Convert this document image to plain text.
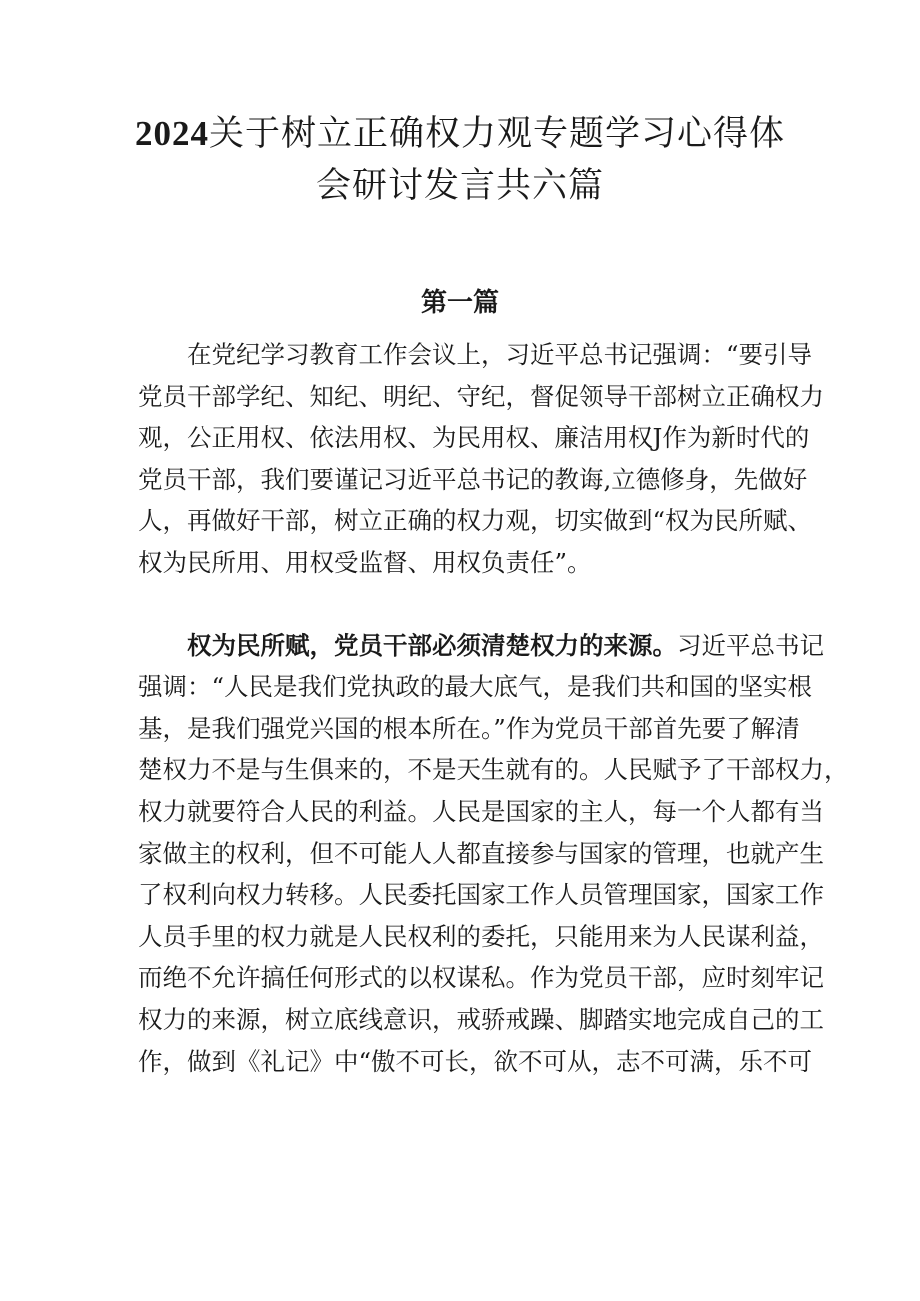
2024关于树立正确权力观专题学习心得体
会研讨发言共六篇
第一篇
在党纪学习教育工作会议上，习近平总书记强调：“要引导
党员干部学纪、知纪、明纪、守纪，督促领导干部树立正确权力
观，公正用权、依法用权、为民用权、廉洁用权J作为新时代的
党员干部，我们要谨记习近平总书记的教诲,立德修身，先做好
人，再做好干部，树立正确的权力观，切实做到“权为民所赋、
权为民所用、用权受监督、用权负责任”。
权为民所赋，党员干部必须清楚权力的来源。习近平总书记
强调：“人民是我们党执政的最大底气，是我们共和国的坚实根
基，是我们强党兴国的根本所在。”作为党员干部首先要了解清
楚权力不是与生俱来的，不是天生就有的。人民赋予了干部权力，
权力就要符合人民的利益。人民是国家的主人，每一个人都有当
家做主的权利，但不可能人人都直接参与国家的管理，也就产生
了权利向权力转移。人民委托国家工作人员管理国家，国家工作
人员手里的权力就是人民权利的委托，只能用来为人民谋利益，
而绝不允许搞任何形式的以权谋私。作为党员干部，应时刻牢记
权力的来源，树立底线意识，戒骄戒躁、脚踏实地完成自己的工
作，做到《礼记》中“傲不可长，欲不可从，志不可满，乐不可
